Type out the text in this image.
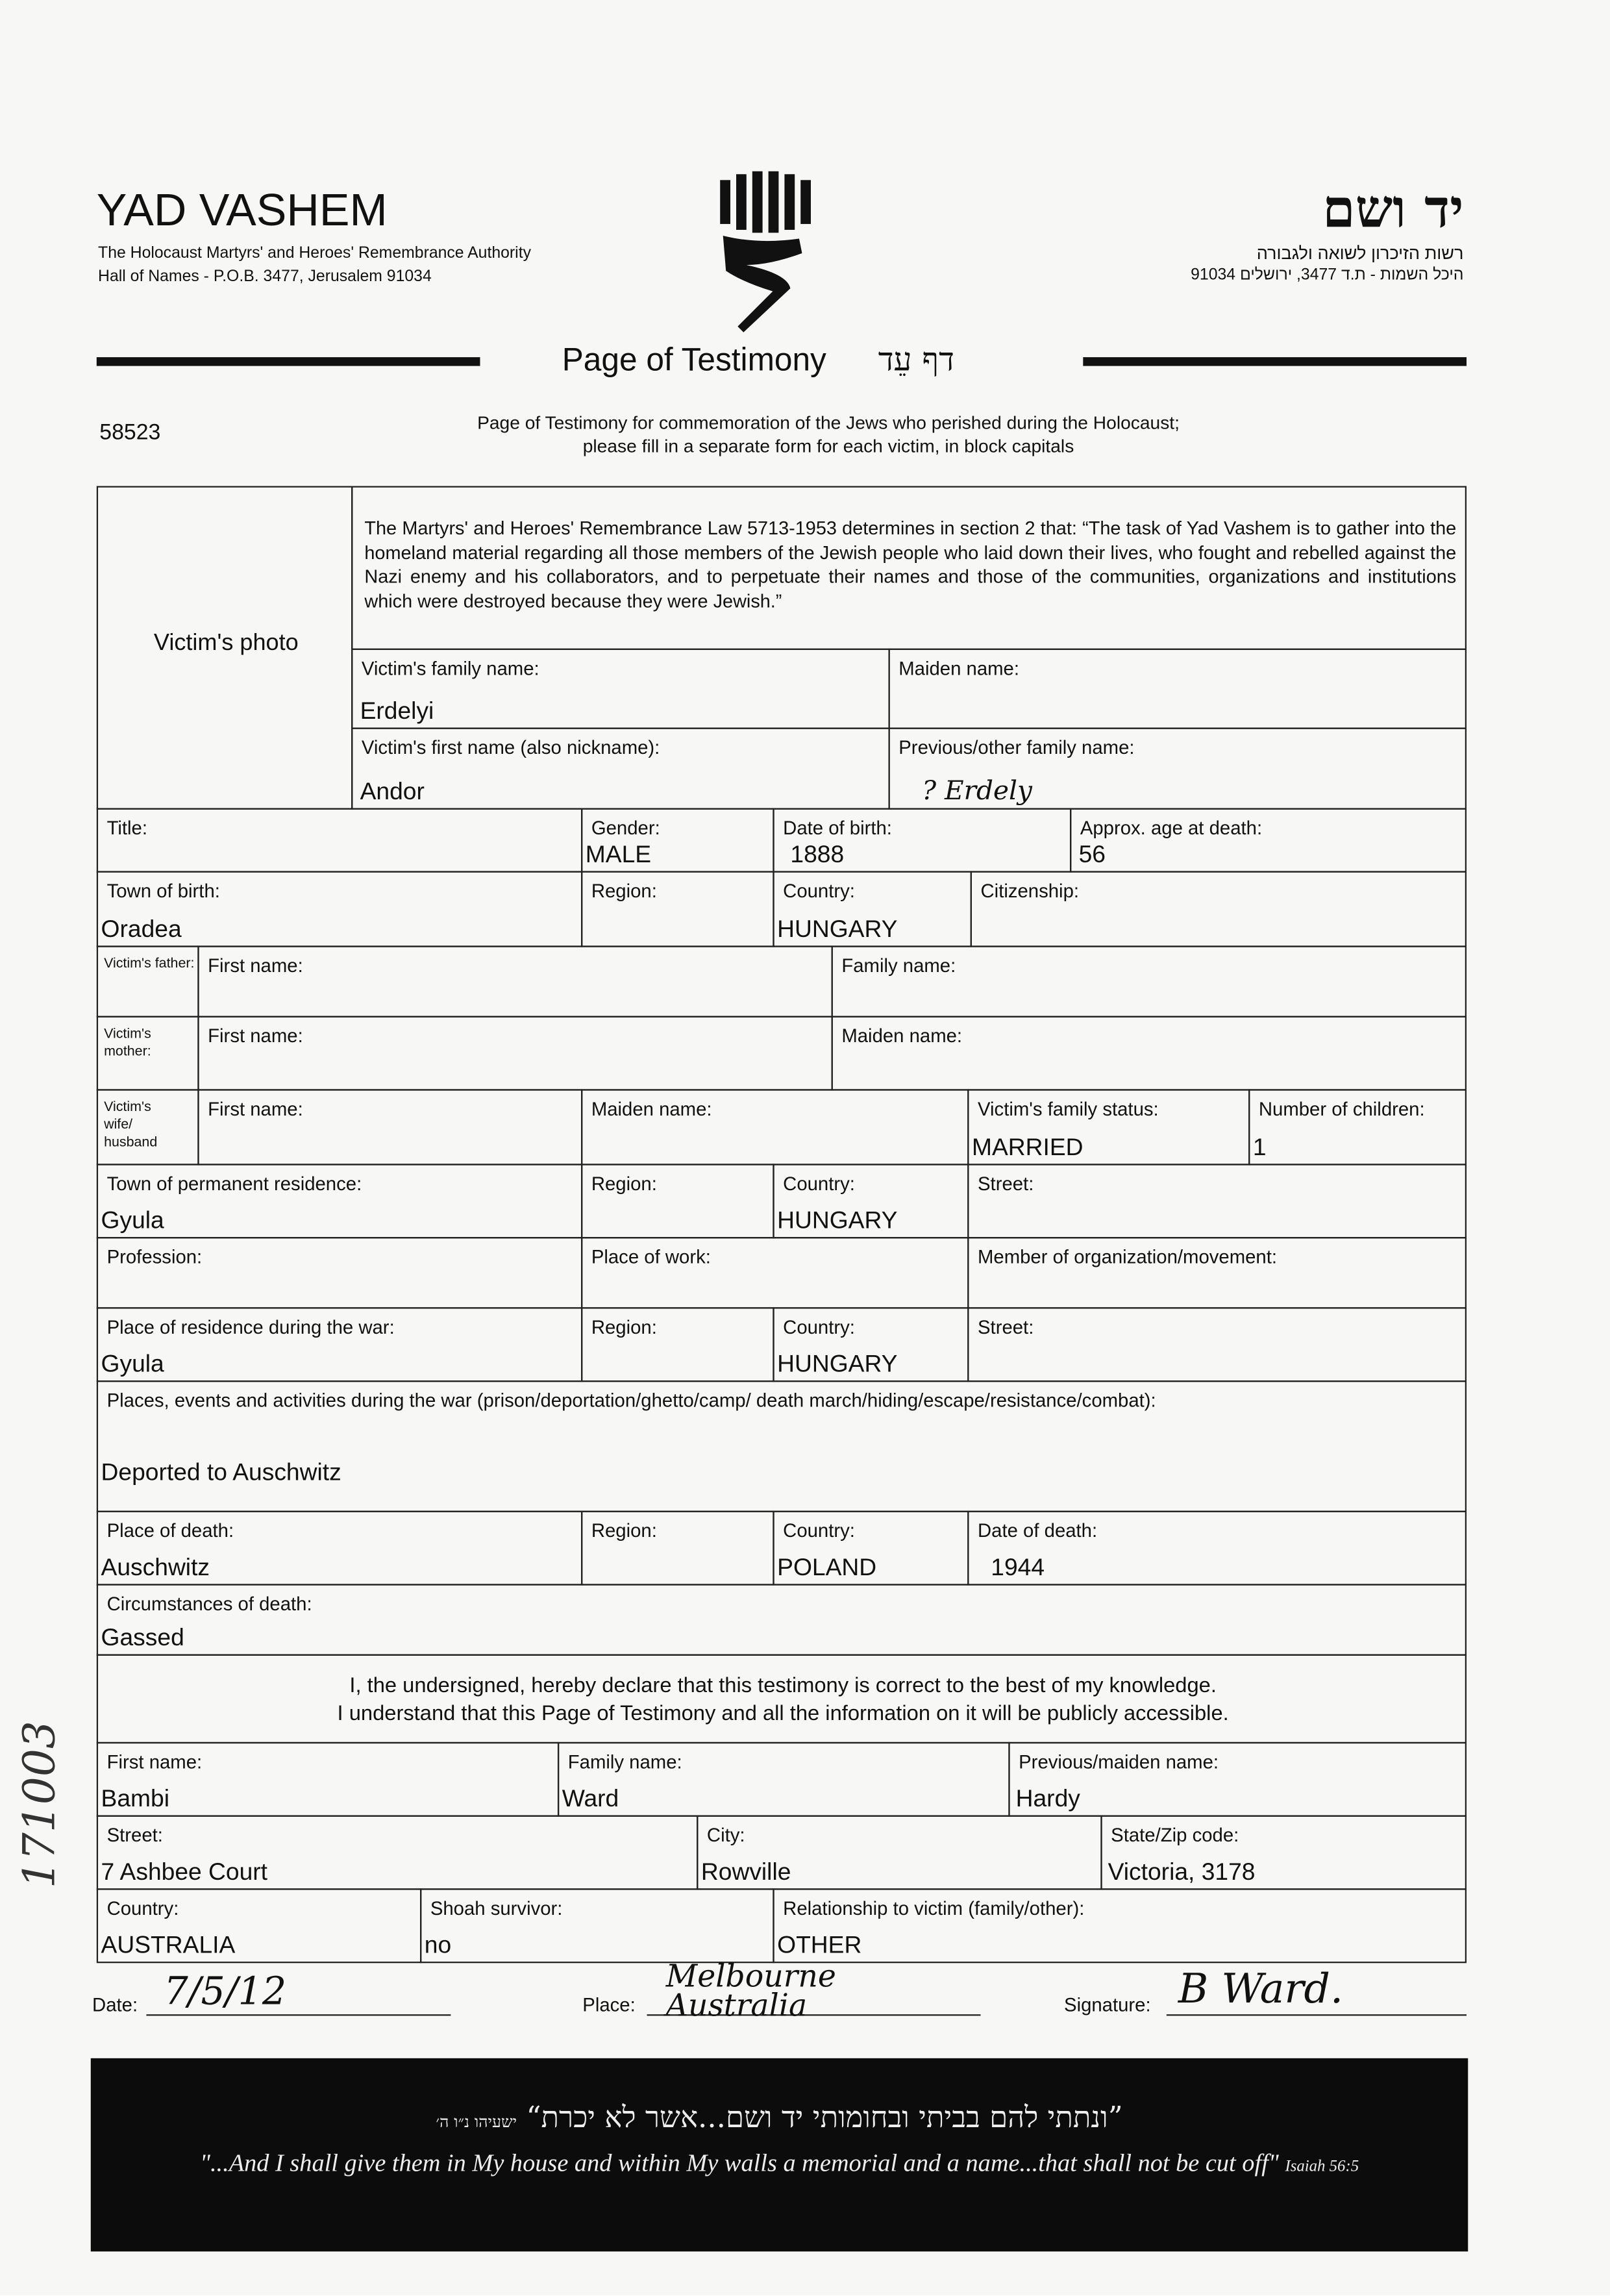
YAD VASHEM
The Holocaust Martyrs' and Heroes' Remembrance Authority
Hall of Names - P.O.B. 3477, Jerusalem 91034
יד ושם
רשות הזיכרון לשואה ולגבורה
היכל השמות - ת.ד 3477, ירושלים 91034
Page of Testimony	דף עֵד
58523	Page of Testimony for commemoration of the Jews who perished during the Holocaust;
please fill in a separate form for each victim, in block capitals
Victim's photo
The Martyrs' and Heroes' Remembrance Law 5713-1953 determines in section 2 that: “The task of Yad Vashem is to gather into the homeland material regarding all those members of the Jewish people who laid down their lives, who fought and rebelled against the Nazi enemy and his collaborators, and to perpetuate their names and those of the communities, organizations and institutions which were destroyed because they were Jewish.”
Victim's family name:
Erdelyi
Maiden name:
Victim's first name (also nickname):
Andor
Previous/other family name:
? Erdely
Title:	Gender:
MALE
Date of birth:
1888
Approx. age at death:
56
Town of birth:
Oradea
Region:	Country:
HUNGARY
Citizenship:
Victim's father: First name:	Family name:
Victim's mother:
First name:	Maiden name:
Victim's wife/ husband
First name:	Maiden name:	Victim's family status:
MARRIED
Number of children:
1
Town of permanent residence:
Gyula
Region:	Country:
HUNGARY
Street:
Profession:	Place of work:	Member of organization/movement:
Place of residence during the war:
Gyula
Region:	Country:
HUNGARY
Street:
Places, events and activities during the war (prison/deportation/ghetto/camp/ death march/hiding/escape/resistance/combat):
Deported to Auschwitz
Place of death:
Auschwitz
Region:	Country:
POLAND
Date of death:
1944
Circumstances of death:
Gassed
I, the undersigned, hereby declare that this testimony is correct to the best of my knowledge.
I understand that this Page of Testimony and all the information on it will be publicly accessible.
First name:
Bambi
Family name:
Ward
Previous/maiden name:
Hardy
Street:
7 Ashbee Court
City:
Rowville
State/Zip code:
Victoria, 3178
Country:
AUSTRALIA
Shoah survivor:
no
Relationship to victim (family/other):
OTHER
171003
Date: 7/5/12	Place:
Melbourne Australia	Signature: B Ward.
”ונתתי להם בביתי ובחומותי יד ושם...אשר לא יכרת“ ישעיהו נ״ו ה׳
"...And I shall give them in My house and within My walls a memorial and a name...that shall not be cut off" Isaiah 56:5
